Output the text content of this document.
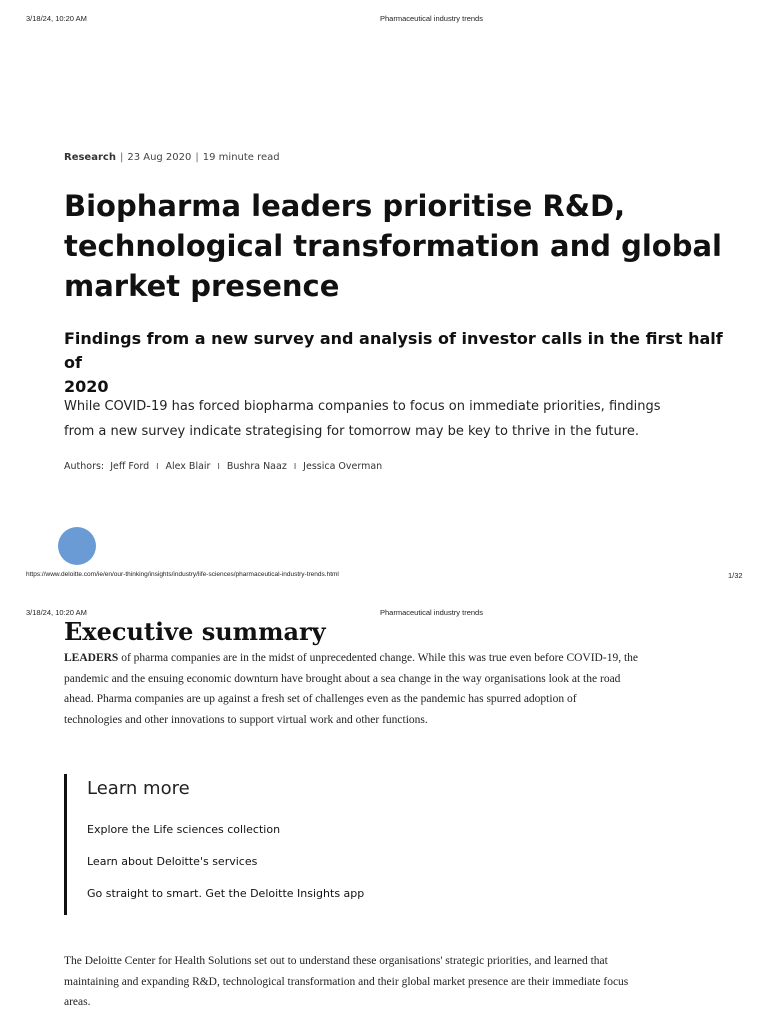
3/18/24, 10:20 AM	Pharmaceutical industry trends
Research | 23 Aug 2020 | 19 minute read
Biopharma leaders prioritise R&D,
technological transformation and global
market presence
Findings from a new survey and analysis of investor calls in the first half of
2020

While COVID-19 has forced biopharma companies to focus on immediate priorities, findings
from a new survey indicate strategising for tomorrow may be key to thrive in the future.

Authors: Jeff Ford I Alex Blair I Bushra Naaz I Jessica Overman
https://www.deloitte.com/ie/en/our-thinking/insights/industry/life-sciences/pharmaceutical-industry-trends.html	1/32
3/18/24, 10:20 AM	Pharmaceutical industry trends
Executive summary

LEADERS of pharma companies are in the midst of unprecedented change. While this was true even before COVID-19, the
pandemic and the ensuing economic downturn have brought about a sea change in the way organisations look at the road
ahead. Pharma companies are up against a fresh set of challenges even as the pandemic has spurred adoption of
technologies and other innovations to support virtual work and other functions.

Learn more
Explore the Life sciences collection
Learn about Deloitte's services
Go straight to smart. Get the Deloitte Insights app

The Deloitte Center for Health Solutions set out to understand these organisations' strategic priorities, and learned that
maintaining and expanding R&D, technological transformation and their global market presence are their immediate focus
areas.
